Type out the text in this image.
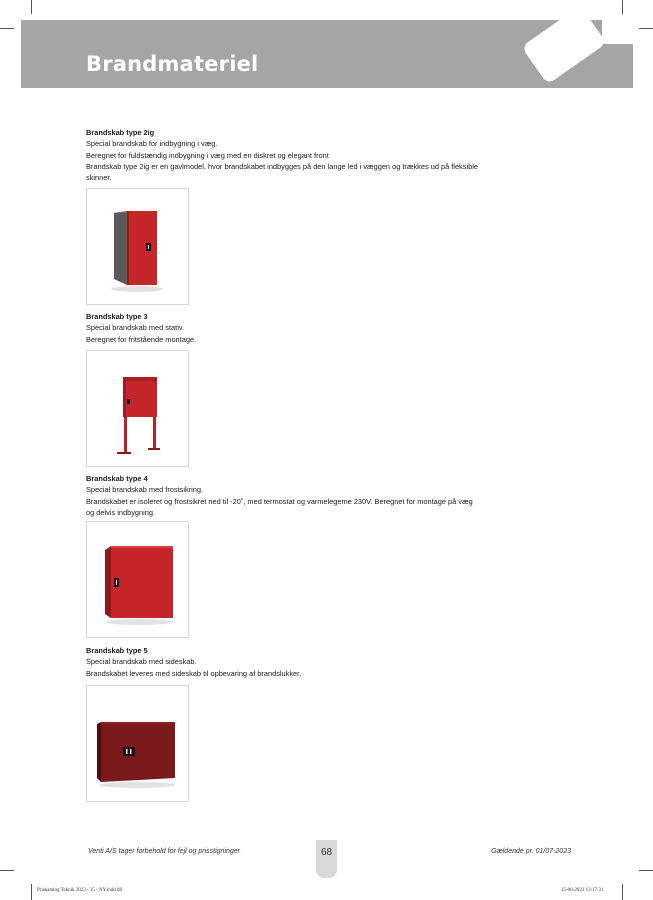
Brandmateriel
Brandskab type 2ig
Special brandskab for indbygning i væg.
Beregnet for fuldstændig indbygning i væg med en diskret og elegant front
Brandskab type 2ig er en gavlmodel, hvor brandskabet indbygges på den lange led i væggen og trækkes ud på fleksible
skinner.
Brandskab type 3
Special brandskab med stativ.
Beregnet for fritstående montage.
Brandskab type 4
Special brandskab med frostsikring.
Brandskabet er isoleret og frostsikret ned til -20˚, med termostat og varmelegeme 230V. Beregnet for montage på væg
og delvis indbygning.
Brandskab type 5
Special brandskab med sideskab.
Brandskabet leveres med sideskab til opbevaring af brandslukker.
Venti A/S tager forbehold for fejl og prisstigninger	68	Gældende pr. 01/07-2023
Priskatalog Teknik 2023 - 35 - NY.indd 68	15-06-2023 13:17:31
